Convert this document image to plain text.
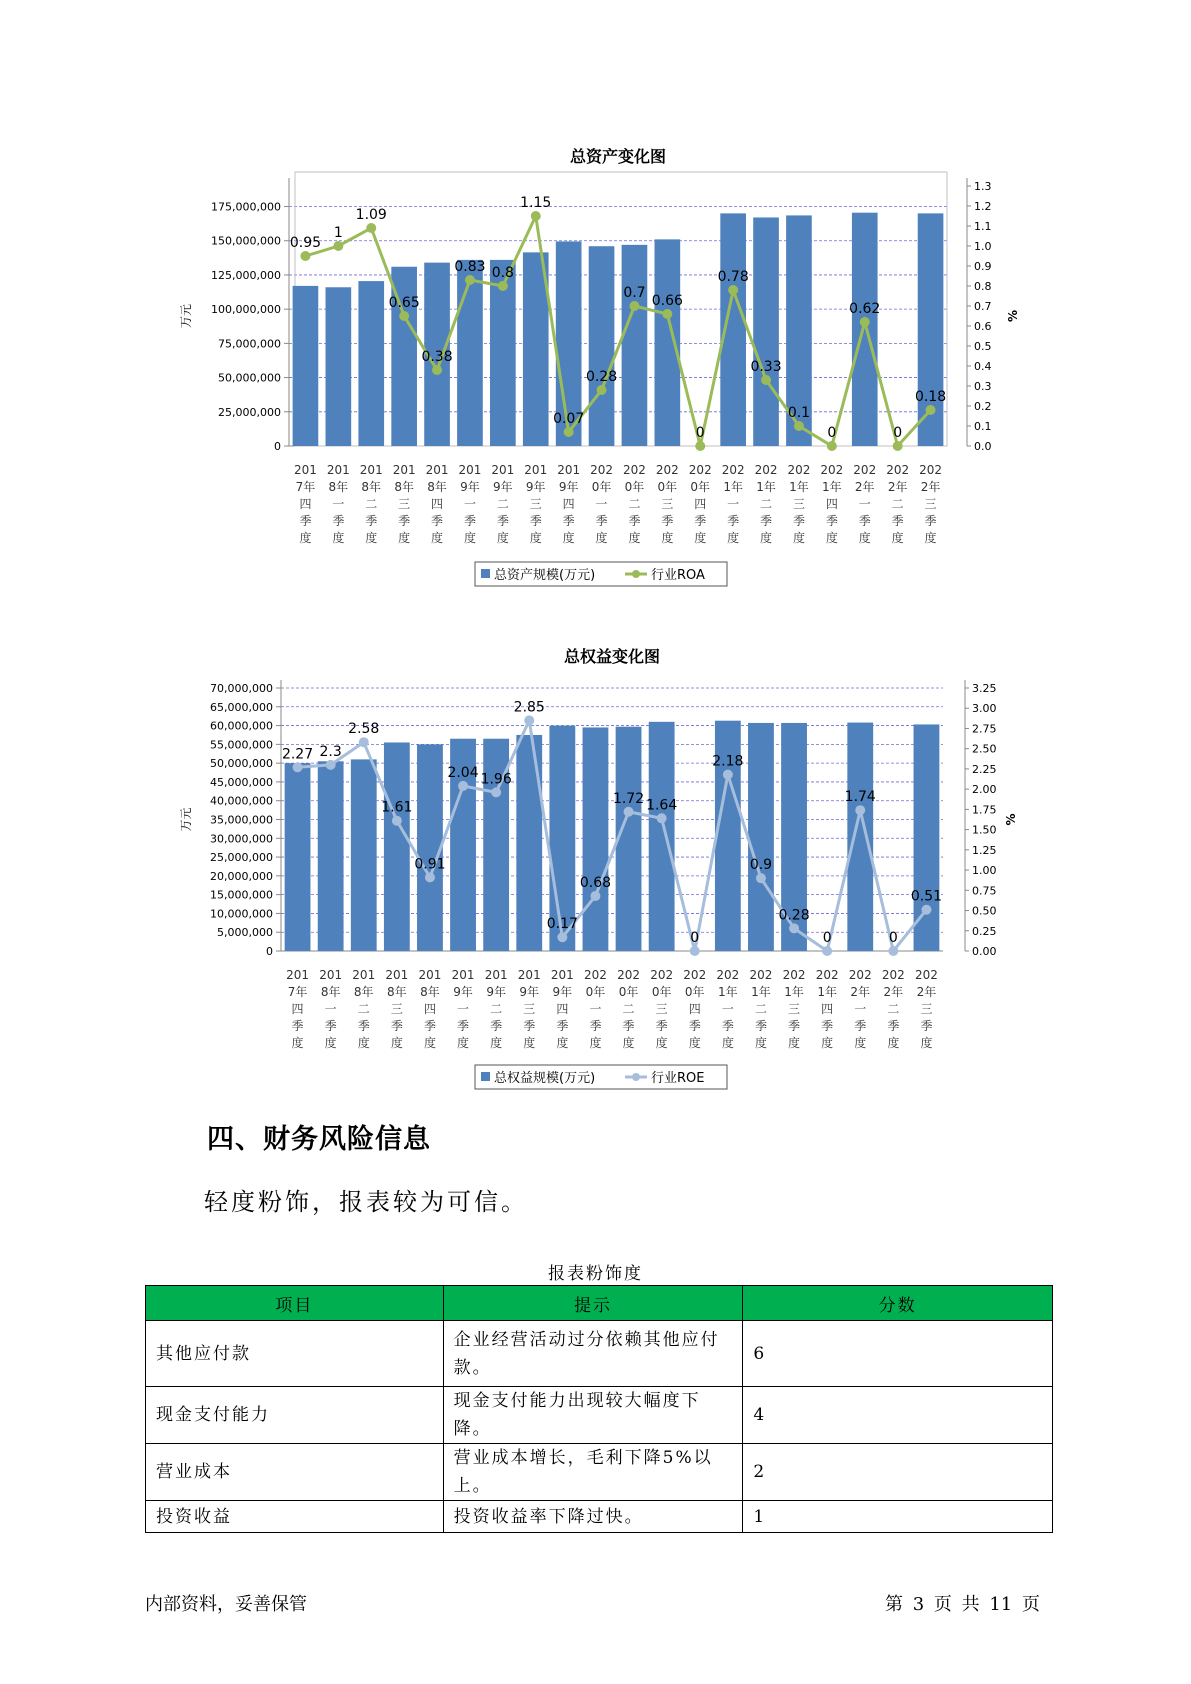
总资产变化图
0
25,000,000
50,000,000
75,000,000
100,000,000
125,000,000
150,000,000
175,000,000
0.0
0.1
0.2
0.3
0.4
0.5
0.6
0.7
0.8
0.9
1.0
1.1
1.2
1.3
万元	%
201
7年
四
季
度
201
8年
一
季
度
201
8年
二
季
度
201
8年
三
季
度
201
8年
四
季
度
201
9年
一
季
度
201
9年
二
季
度
201
9年
三
季
度
201
9年
四
季
度
202
0年
一
季
度
202
0年
二
季
度
202
0年
三
季
度
202
0年
四
季
度
202
1年
一
季
度
202
1年
二
季
度
202
1年
三
季
度
202
1年
四
季
度
202
2年
一
季
度
202
2年
二
季
度
202
2年
三
季
度
0.95
1
1.09
0.65
0.38
0.83 0.8
1.15
0.07
0.28
0.7 0.66
0
0.78
0.33
0.1
0
0.62
0
0.18
总资产规模(万元)	行业ROA
总权益变化图
0
5,000,000
10,000,000
15,000,000
20,000,000
25,000,000
30,000,000
35,000,000
40,000,000
45,000,000
50,000,000
55,000,000
60,000,000
65,000,000
70,000,000
0.00
0.25
0.50
0.75
1.00
1.25
1.50
1.75
2.00
2.25
2.50
2.75
3.00
3.25
万元	%
201
7年
四
季
度
201
8年
一
季
度
201
8年
二
季
度
201
8年
三
季
度
201
8年
四
季
度
201
9年
一
季
度
201
9年
二
季
度
201
9年
三
季
度
201
9年
四
季
度
202
0年
一
季
度
202
0年
二
季
度
202
0年
三
季
度
202
0年
四
季
度
202
1年
一
季
度
202
1年
二
季
度
202
1年
三
季
度
202
1年
四
季
度
202
2年
一
季
度
202
2年
二
季
度
202
2年
三
季
度
2.27 2.3
2.58
1.61
0.91
2.04 1.96
2.85
0.17
0.68
1.72 1.64
0
2.18
0.9
0.28
0
1.74
0
0.51
总权益规模(万元)	行业ROE
四、财务风险信息
轻度粉饰，报表较为可信。
报表粉饰度
项目	提示	分数
其他应付款	企业经营活动过分依赖其他应付款。	6
现金支付能力	现金支付能力出现较大幅度下降。	4
营业成本	营业成本增长，毛利下降5%以上。	2
投资收益	投资收益率下降过快。	1
内部资料，妥善保管	第 3 页 共 11 页
